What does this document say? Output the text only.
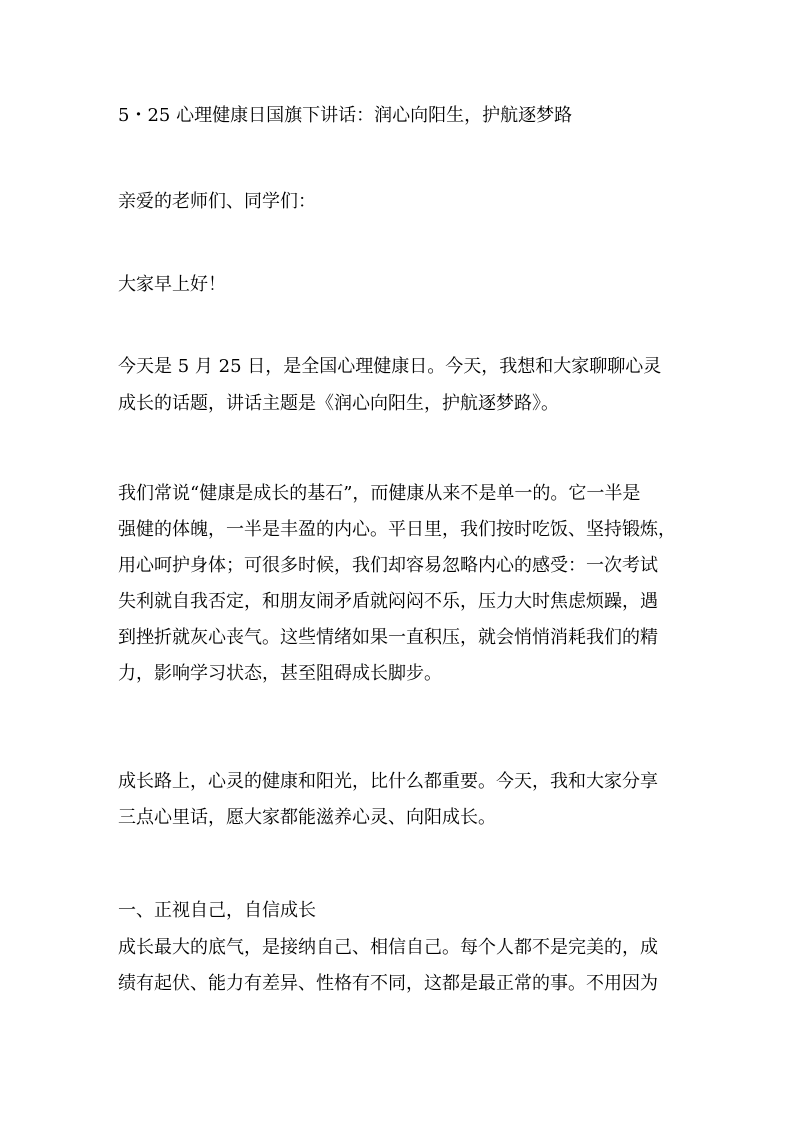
5・25 心理健康日国旗下讲话：润心向阳生，护航逐梦路

亲爱的老师们、同学们：

大家早上好！

今天是 5 月 25 日，是全国心理健康日。今天，我想和大家聊聊心灵

成长的话题，讲话主题是《润心向阳生，护航逐梦路》。

我们常说“健康是成长的基石”，而健康从来不是单一的。它一半是

强健的体魄，一半是丰盈的内心。平日里，我们按时吃饭、坚持锻炼，

用心呵护身体；可很多时候，我们却容易忽略内心的感受：一次考试

失利就自我否定，和朋友闹矛盾就闷闷不乐，压力大时焦虑烦躁，遇

到挫折就灰心丧气。这些情绪如果一直积压，就会悄悄消耗我们的精

力，影响学习状态，甚至阻碍成长脚步。

成长路上，心灵的健康和阳光，比什么都重要。今天，我和大家分享

三点心里话，愿大家都能滋养心灵、向阳成长。

一、正视自己，自信成长

成长最大的底气，是接纳自己、相信自己。每个人都不是完美的，成

绩有起伏、能力有差异、性格有不同，这都是最正常的事。不用因为
